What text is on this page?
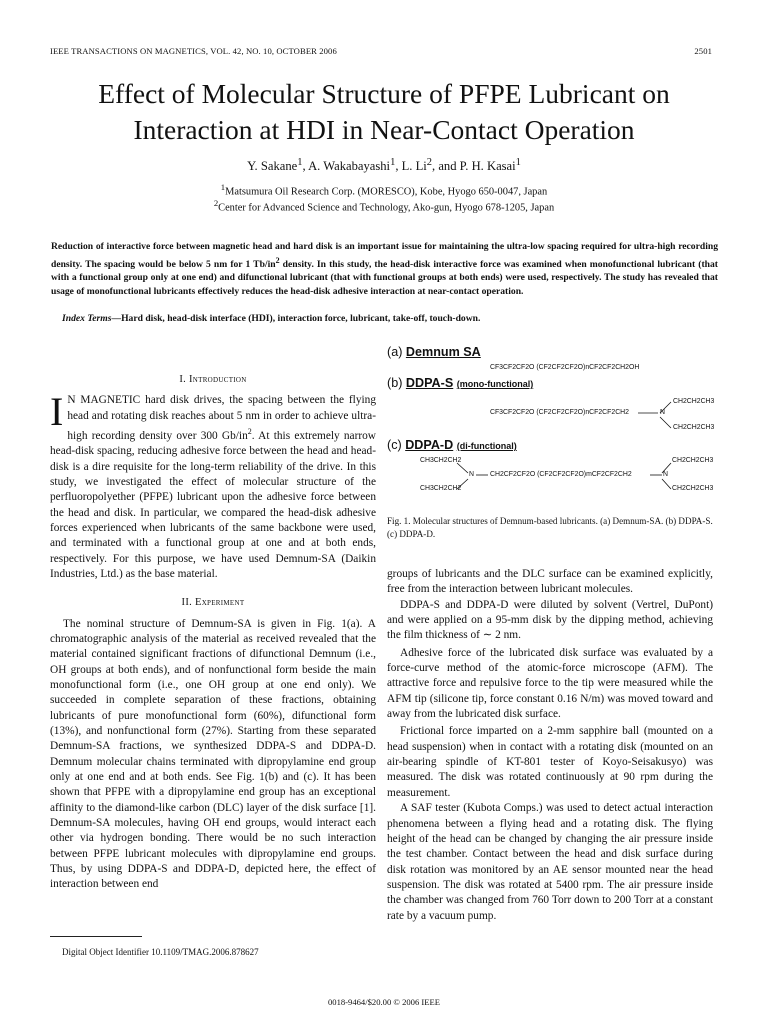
IEEE TRANSACTIONS ON MAGNETICS, VOL. 42, NO. 10, OCTOBER 2006	2501
Effect of Molecular Structure of PFPE Lubricant on
Interaction at HDI in Near-Contact Operation
Y. Sakane$^1$, A. Wakabayashi$^1$, L. Li$^2$, and P. H. Kasai$^1$
$^1$Matsumura Oil Research Corp. (MORESCO), Kobe, Hyogo 650-0047, Japan
$^2$Center for Advanced Science and Technology, Ako-gun, Hyogo 678-1205, Japan

Reduction of interactive force between magnetic head and hard disk is an important issue for maintaining the ultra-low spacing required for ultra-high recording density. The spacing would be below 5 nm for 1 $Tb/in^2$ density. In this study, the head-disk interactive force was examined when monofunctional lubricant (that with a functional group only at one end) and difunctional lubricant (that with functional groups at both ends) were used, respectively. The study has revealed that usage of monofunctional lubricants effectively reduces the head-disk adhesive interaction at near-contact operation.

Index Terms—Hard disk, head-disk interface (HDI), interaction force, lubricant, take-off, touch-down.

I. Introduction

I N MAGNETIC hard disk drives, the spacing between the flying head and rotating disk reaches about 5 nm in order to achieve ultra-high recording density over 300 $Gb/in^2$. At this extremely narrow head-disk spacing, reducing adhesive force between the head and head-disk is a dire requisite for the long-term reliability of the drive. In this study, we investigated the effect of molecular structure of the perfluoropolyether (PFPE) lubricant upon the adhesive force between the head and disk. In particular, we compared the head-disk adhesive forces experienced when lubricants of the same backbone were used, and terminated with a functional group at one and at both ends, respectively. For this purpose, we have used Demnum-SA (Daikin Industries, Ltd.) as the base material.

II. Experiment

The nominal structure of Demnum-SA is given in Fig. 1(a). A chromatographic analysis of the material as received revealed that the material contained significant fractions of difunctional Demnum (i.e., OH groups at both ends), and of nonfunctional form beside the main monofunctional form (i.e., one OH group at one end only). We succeeded in complete separation of these fractions, obtaining lubricants of pure monofunctional form (60%), difunctional form (13%), and nonfunctional form (27%). Starting from these separated Demnum-SA fractions, we synthesized DDPA-S and DDPA-D. Demnum molecular chains terminated with dipropylamine end group only at one end and at both ends. See Fig. 1(b) and (c). It has been shown that PFPE with a dipropylamine end group has an exceptional affinity to the diamond-like carbon (DLC) layer of the disk surface [1]. Demnum-SA molecules, having OH end groups, would interact each other via hydrogen bonding. There would be no such interaction between PFPE lubricant molecules with dipropylamine end groups. Thus, by using DDPA-S and DDPA-D, depicted here, the effect of interaction between end

Digital Object Identifier 10.1109/TMAG.2006.878627
(a) Demnum SA
CF3CF2CF2O (CF2CF2CF2O)nCF2CF2CH2OH
(b) DDPA-S (mono-functional)
CH2CH2CH3
CF3CF2CF2O (CF2CF2CF2O)nCF2CF2CH2	N
CH2CH2CH3
(c) DDPA-D (di-functional)
CH3CH2CH2
N CH2CF2CF2O (CF2CF2CF2O)mCF2CF2CH2	N
CH3CH2CH2
CH2CH2CH3
CH2CH2CH3
Fig. 1. Molecular structures of Demnum-based lubricants. (a) Demnum-SA. (b) DDPA-S. (c) DDPA-D.

groups of lubricants and the DLC surface can be examined explicitly, free from the interaction between lubricant molecules.

DDPA-S and DDPA-D were diluted by solvent (Vertrel, DuPont) and were applied on a 95-mm disk by the dipping method, achieving the film thickness of ∼ 2 nm.

Adhesive force of the lubricated disk surface was evaluated by a force-curve method of the atomic-force microscope (AFM). The attractive force and repulsive force to the tip were measured while the AFM tip (silicone tip, force constant 0.16 N/m) was moved toward and away from the lubricated disk surface.

Frictional force imparted on a 2-mm sapphire ball (mounted on a head suspension) when in contact with a rotating disk (mounted on an air-bearing spindle of KT-801 tester of Koyo-Seisakusyo) was measured. The disk was rotated continuously at 90 rpm during the measurement.

A SAF tester (Kubota Comps.) was used to detect actual interaction phenomena between a flying head and a rotating disk. The flying height of the head can be changed by changing the air pressure inside the test chamber. Contact between the head and disk surface during disk rotation was monitored by an AE sensor mounted near the head suspension. The disk was rotated at 5400 rpm. The air pressure inside the chamber was changed from 760 Torr down to 200 Torr at a constant rate by a vacuum pump.

0018-9464/$20.00 © 2006 IEEE
